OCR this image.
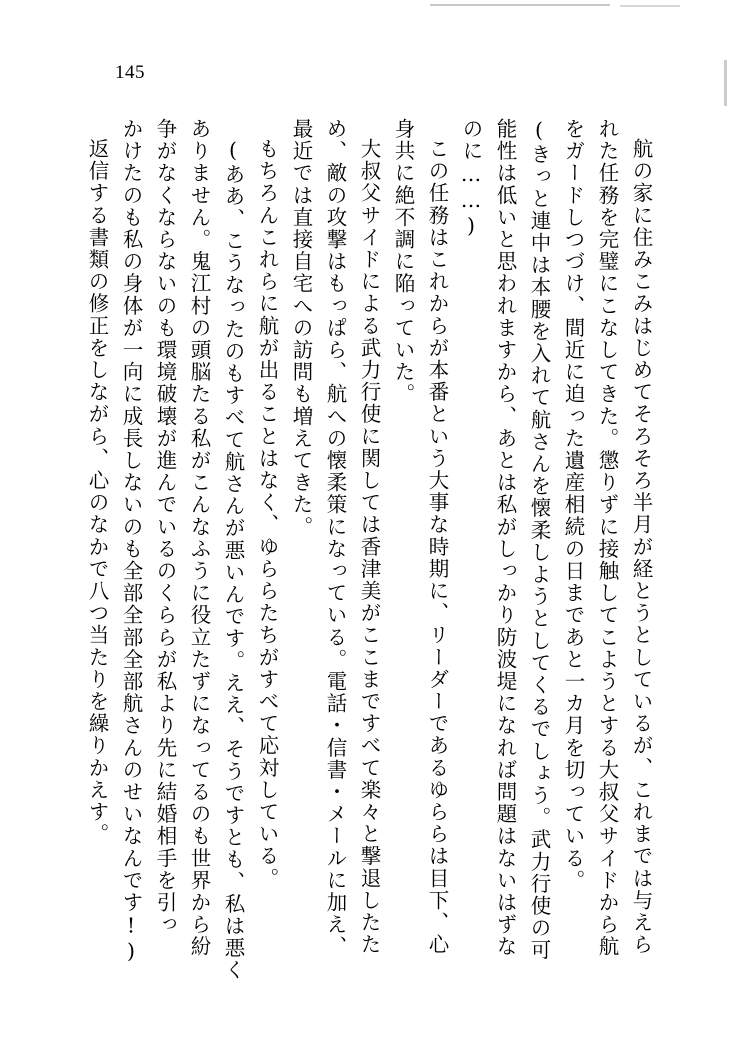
145
航の家に住みこみはじめてそろそろ半月が経とうとしているが、これまでは与えら
れた任務を完璧にこなしてきた。懲りずに接触してこようとする大叔父サイドから航
をガードしつづけ、間近に迫った遺産相続の日まであと一カ月を切っている。
(きっと連中は本腰を入れて航さんを懐柔しようとしてくるでしょう。武力行使の可
能性は低いと思われますから、あとは私がしっかり防波堤になれば問題はないはずな
のに……)
この任務はこれからが本番という大事な時期に、リーダーであるゆららは目下、心
身共に絶不調に陥っていた。
大叔父サイドによる武力行使に関しては香津美がここまですべて楽々と撃退したた
め、敵の攻撃はもっぱら、航への懐柔策になっている。電話・信書・メールに加え、
最近では直接自宅への訪問も増えてきた。
もちろんこれらに航が出ることはなく、ゆららたちがすべて応対している。
(ああ、こうなったのもすべて航さんが悪いんです。ええ、そうですとも、私は悪く
ありません。鬼江村の頭脳たる私がこんなふうに役立たずになってるのも世界から紛
争がなくならないのも環境破壊が進んでいるのくららが私より先に結婚相手を引っ
かけたのも私の身体が一向に成長しないのも全部全部全部航さんのせいなんです!)
返信する書類の修正をしながら、心のなかで八つ当たりを繰りかえす。
